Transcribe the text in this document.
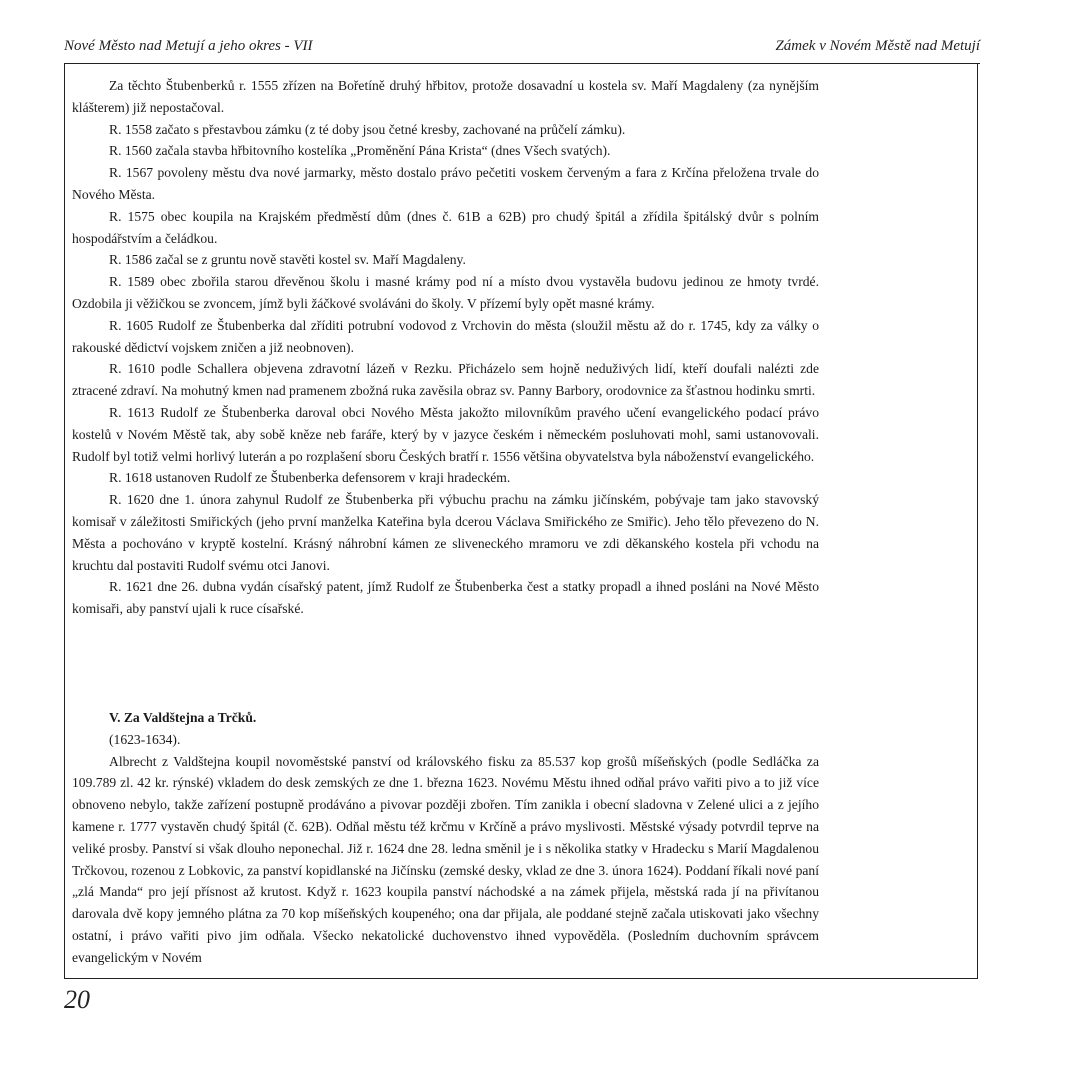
Nové Město nad Metují a jeho okres - VII	Zámek v Novém Městě nad Metují

Za těchto Štubenberků r. 1555 zřízen na Bořetíně druhý hřbitov, protože dosavadní u kostela sv. Maří Magdaleny (za nynějším klášterem) již nepostačoval.

R. 1558 začato s přestavbou zámku (z té doby jsou četné kresby, zachované na průčelí zámku).

R. 1560 začala stavba hřbitovního kostelíka „Proměnění Pána Krista“ (dnes Všech svatých).

R. 1567 povoleny městu dva nové jarmarky, město dostalo právo pečetiti voskem červeným a fara z Krčína přeložena trvale do Nového Města.

R. 1575 obec koupila na Krajském předměstí dům (dnes č. 61B a 62B) pro chudý špitál a zřídila špitálský dvůr s polním hospodářstvím a čeládkou.

R. 1586 začal se z gruntu nově stavěti kostel sv. Maří Magdaleny.

R. 1589 obec zbořila starou dřevěnou školu i masné krámy pod ní a místo dvou vystavěla budovu jedinou ze hmoty tvrdé. Ozdobila ji věžičkou se zvoncem, jímž byli žáčkové svoláváni do školy. V přízemí byly opět masné krámy.

R. 1605 Rudolf ze Štubenberka dal zříditi potrubní vodovod z Vrchovin do města (sloužil městu až do r. 1745, kdy za války o rakouské dědictví vojskem zničen a již neobnoven).

R. 1610 podle Schallera objevena zdravotní lázeň v Rezku. Přicházelo sem hojně neduživých lidí, kteří doufali nalézti zde ztracené zdraví. Na mohutný kmen nad pramenem zbožná ruka zavěsila obraz sv. Panny Barbory, orodovnice za šťastnou hodinku smrti.

R. 1613 Rudolf ze Štubenberka daroval obci Nového Města jakožto milovníkům pravého učení evangelického podací právo kostelů v Novém Městě tak, aby sobě kněze neb faráře, který by v jazyce českém i německém posluhovati mohl, sami ustanovovali. Rudolf byl totiž velmi horlivý luterán a po rozplašení sboru Českých bratří r. 1556 většina obyvatelstva byla náboženství evangelického.

R. 1618 ustanoven Rudolf ze Štubenberka defensorem v kraji hradeckém.

R. 1620 dne 1. února zahynul Rudolf ze Štubenberka při výbuchu prachu na zámku jičínském, pobývaje tam jako stavovský komisař v záležitosti Smiřických (jeho první manželka Kateřina byla dcerou Václava Smiřického ze Smiřic). Jeho tělo převezeno do N. Města a pochováno v kryptě kostelní. Krásný náhrobní kámen ze sliveneckého mramoru ve zdi děkanského kostela při vchodu na kruchtu dal postaviti Rudolf svému otci Janovi.

R. 1621 dne 26. dubna vydán císařský patent, jímž Rudolf ze Štubenberka čest a statky propadl a ihned posláni na Nové Město komisaři, aby panství ujali k ruce císařské.

V. Za Valdštejna a Trčků.

(1623-1634).

Albrecht z Valdštejna koupil novoměstské panství od královského fisku za 85.537 kop grošů míšeňských (podle Sedláčka za 109.789 zl. 42 kr. rýnské) vkladem do desk zemských ze dne 1. března 1623. Novému Městu ihned odňal právo vařiti pivo a to již více obnoveno nebylo, takže zařízení postupně prodáváno a pivovar později zbořen. Tím zanikla i obecní sladovna v Zelené ulici a z jejího kamene r. 1777 vystavěn chudý špitál (č. 62B). Odňal městu též krčmu v Krčíně a právo myslivosti. Městské výsady potvrdil teprve na veliké prosby. Panství si však dlouho neponechal. Již r. 1624 dne 28. ledna směnil je i s několika statky v Hradecku s Marií Magdalenou Trčkovou, rozenou z Lobkovic, za panství kopidlanské na Jičínsku (zemské desky, vklad ze dne 3. února 1624). Poddaní říkali nové paní „zlá Manda“ pro její přísnost až krutost. Když r. 1623 koupila panství náchodské a na zámek přijela, městská rada jí na přivítanou darovala dvě kopy jemného plátna za 70 kop míšeňských koupeného; ona dar přijala, ale poddané stejně začala utiskovati jako všechny ostatní, i právo vařiti pivo jim odňala. Všecko nekatolické duchovenstvo ihned vypověděla. (Posledním duchovním správcem evangelickým v Novém

20
